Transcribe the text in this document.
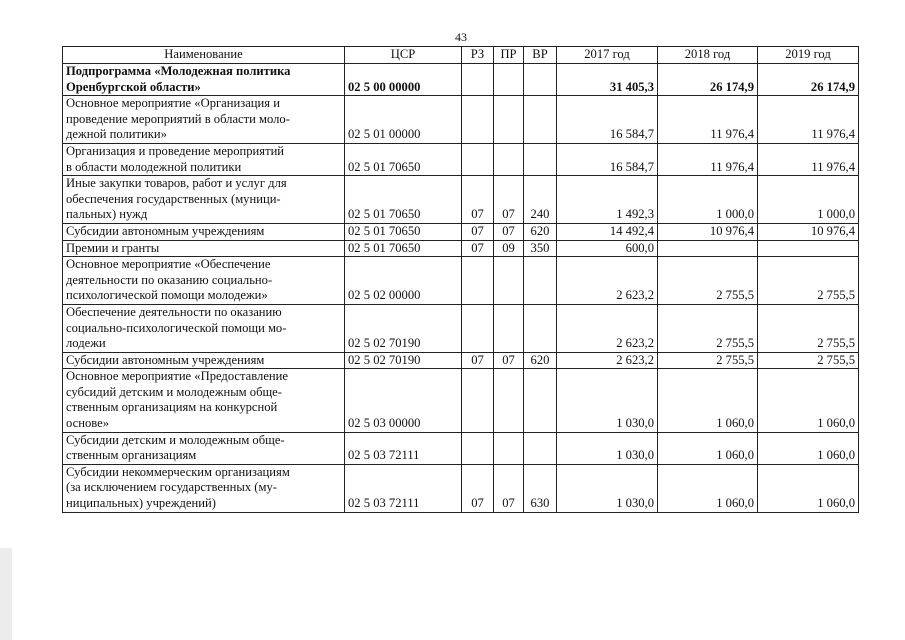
43
Наименование	ЦСР	РЗ	ПР	ВР	2017 год	2018 год	2019 год

Подпрограмма «Молодежная политика
Оренбургской области»	02 5 00 00000				31 405,3	26 174,9	26 174,9

Основное мероприятие «Организация и
проведение мероприятий в области моло-
дежной политики»	02 5 01 00000				16 584,7	11 976,4	11 976,4

Организация и проведение мероприятий
в области молодежной политики	02 5 01 70650				16 584,7	11 976,4	11 976,4

Иные закупки товаров, работ и услуг для
обеспечения государственных (муници-
пальных) нужд	02 5 01 70650	07	07	240	1 492,3	1 000,0	1 000,0

Субсидии автономным учреждениям	02 5 01 70650	07	07	620	14 492,4	10 976,4	10 976,4

Премии и гранты	02 5 01 70650	07	09	350	600,0		

Основное мероприятие «Обеспечение
деятельности по оказанию социально-
психологической помощи молодежи»	02 5 02 00000				2 623,2	2 755,5	2 755,5

Обеспечение деятельности по оказанию
социально-психологической помощи мо-
лодежи	02 5 02 70190				2 623,2	2 755,5	2 755,5

Субсидии автономным учреждениям	02 5 02 70190	07	07	620	2 623,2	2 755,5	2 755,5

Основное мероприятие «Предоставление
субсидий детским и молодежным обще-
ственным организациям на конкурсной
основе»	02 5 03 00000				1 030,0	1 060,0	1 060,0

Субсидии детским и молодежным обще-
ственным организациям	02 5 03 72111				1 030,0	1 060,0	1 060,0

Субсидии некоммерческим организациям
(за исключением государственных (му-
ниципальных) учреждений)	02 5 03 72111	07	07	630	1 030,0	1 060,0	1 060,0
